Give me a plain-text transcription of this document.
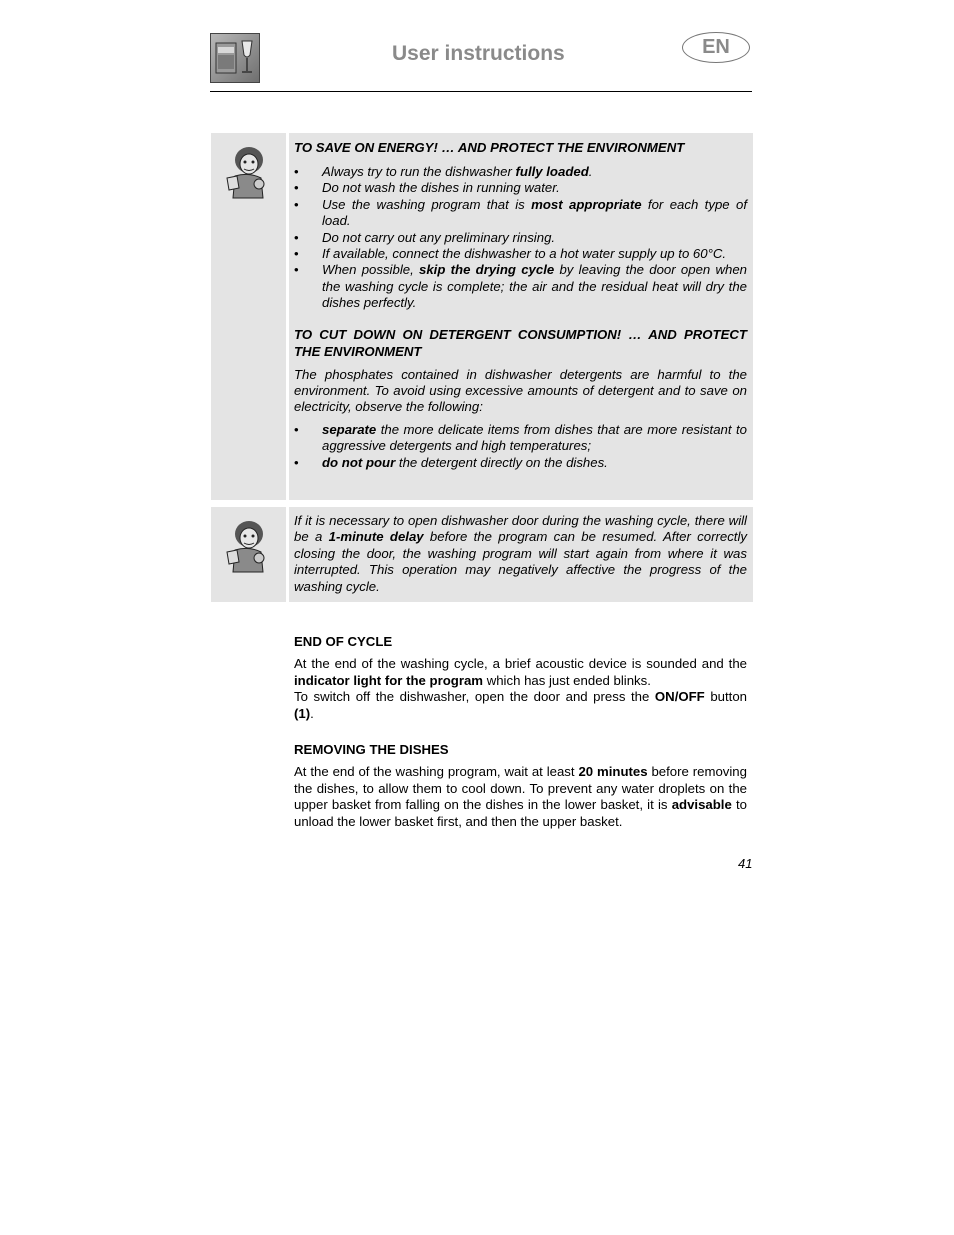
User instructions	EN
TO SAVE ON ENERGY! … AND PROTECT THE ENVIRONMENT
• Always try to run the dishwasher fully loaded.
• Do not wash the dishes in running water.
• Use the washing program that is most appropriate for each type of load.
• Do not carry out any preliminary rinsing.
• If available, connect the dishwasher to a hot water supply up to 60°C.
• When possible, skip the drying cycle by leaving the door open when the washing cycle is complete; the air and the residual heat will dry the dishes perfectly.
TO CUT DOWN ON DETERGENT CONSUMPTION! … AND PROTECT THE ENVIRONMENT
The phosphates contained in dishwasher detergents are harmful to the environment. To avoid using excessive amounts of detergent and to save on electricity, observe the following:
• separate the more delicate items from dishes that are more resistant to aggressive detergents and high temperatures;
• do not pour the detergent directly on the dishes.
If it is necessary to open dishwasher door during the washing cycle, there will be a 1-minute delay before the program can be resumed. After correctly closing the door, the washing program will start again from where it was interrupted. This operation may negatively affective the progress of the washing cycle.
END OF CYCLE
At the end of the washing cycle, a brief acoustic device is sounded and the indicator light for the program which has just ended blinks.
To switch off the dishwasher, open the door and press the ON/OFF button (1).
REMOVING THE DISHES
At the end of the washing program, wait at least 20 minutes before removing the dishes, to allow them to cool down. To prevent any water droplets on the upper basket from falling on the dishes in the lower basket, it is advisable to unload the lower basket first, and then the upper basket.
41
